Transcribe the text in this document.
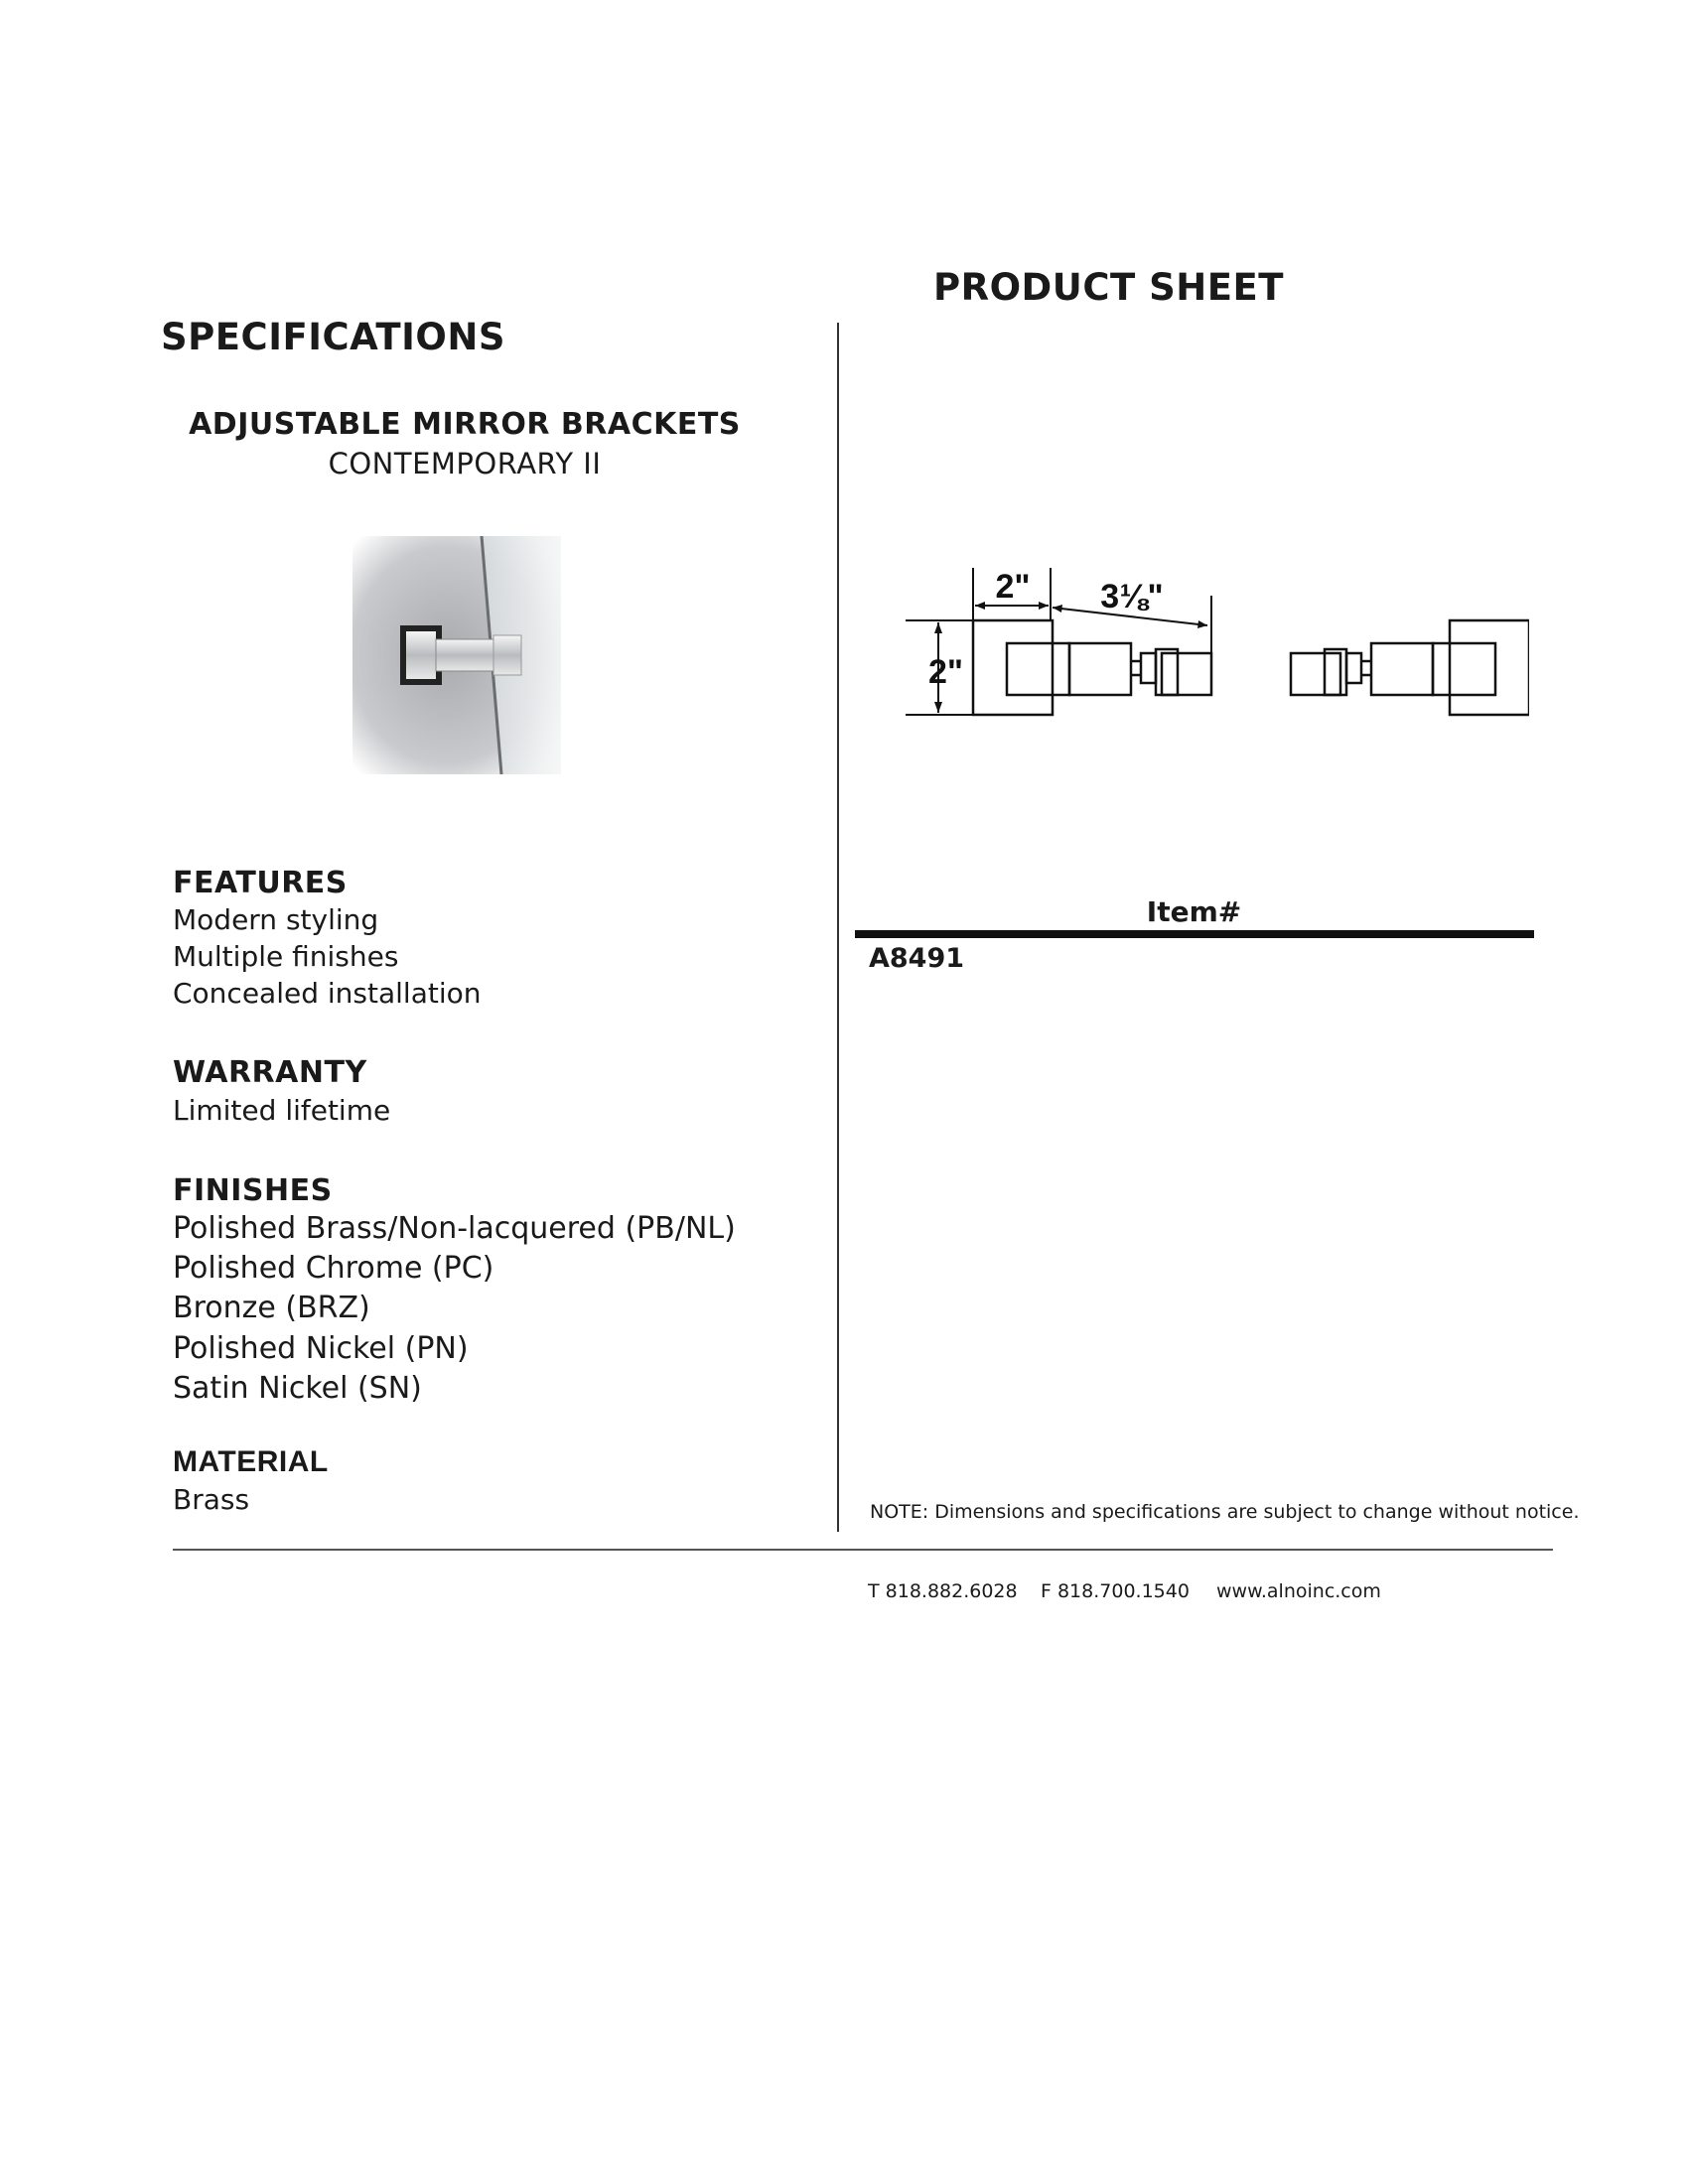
PRODUCT SHEET
SPECIFICATIONS
ADJUSTABLE MIRROR BRACKETS
CONTEMPORARY II
FEATURES
Modern styling
Multiple finishes
Concealed installation
WARRANTY
Limited lifetime
FINISHES
Polished Brass/Non-lacquered (PB/NL)
Polished Chrome (PC)
Bronze (BRZ)
Polished Nickel (PN)
Satin Nickel (SN)
MATERIAL
Brass
2"
2" 3⅛"
Item#
A8491
NOTE: Dimensions and specifications are subject to change without notice.
T 818.882.6028 F 818.700.1540 www.alnoinc.com
